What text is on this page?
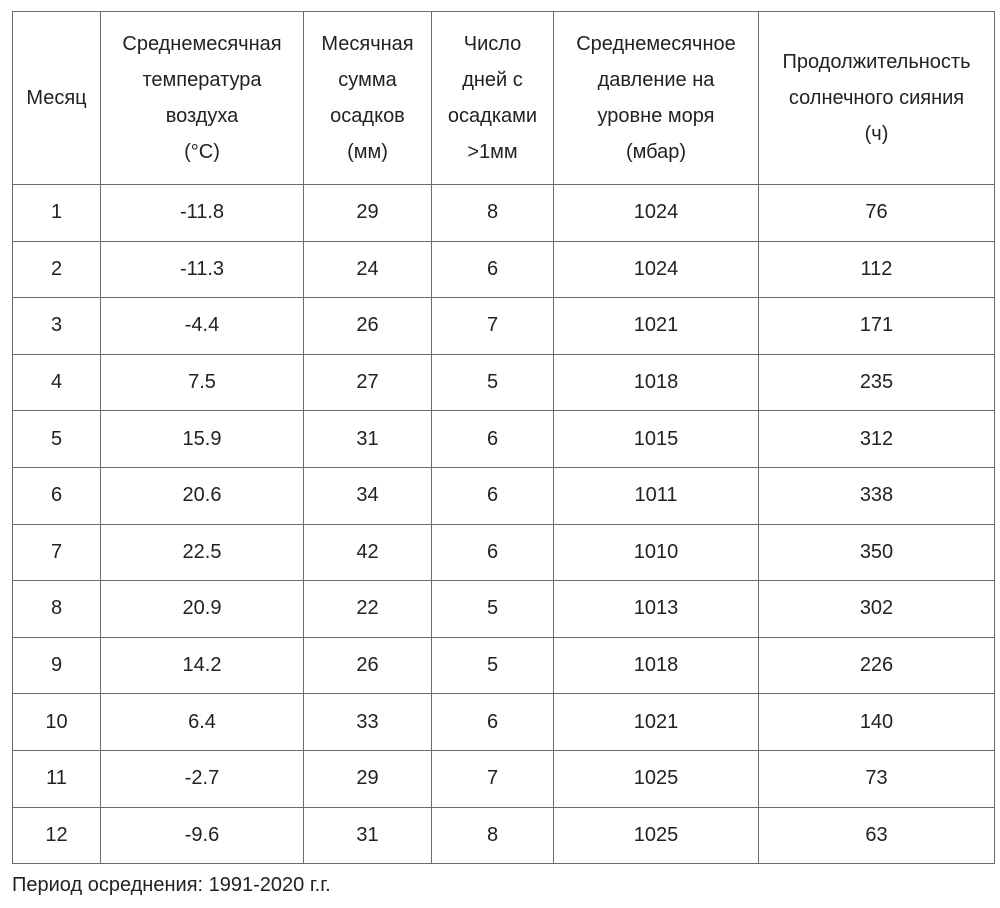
Месяц	Среднемесячная
температура
воздуха
(°C)	Месячная
сумма
осадков
(мм)	Число
дней с
осадками
>1мм	Среднемесячное
давление на
уровне моря
(мбар)	Продолжительность
солнечного сияния
(ч)

1	-11.8	29	8	1024	76
2	-11.3	24	6	1024	112
3	-4.4	26	7	1021	171
4	7.5	27	5	1018	235
5	15.9	31	6	1015	312
6	20.6	34	6	1011	338
7	22.5	42	6	1010	350
8	20.9	22	5	1013	302
9	14.2	26	5	1018	226
10	6.4	33	6	1021	140
11	-2.7	29	7	1025	73
12	-9.6	31	8	1025	63
Период осреднения: 1991-2020 г.г.
